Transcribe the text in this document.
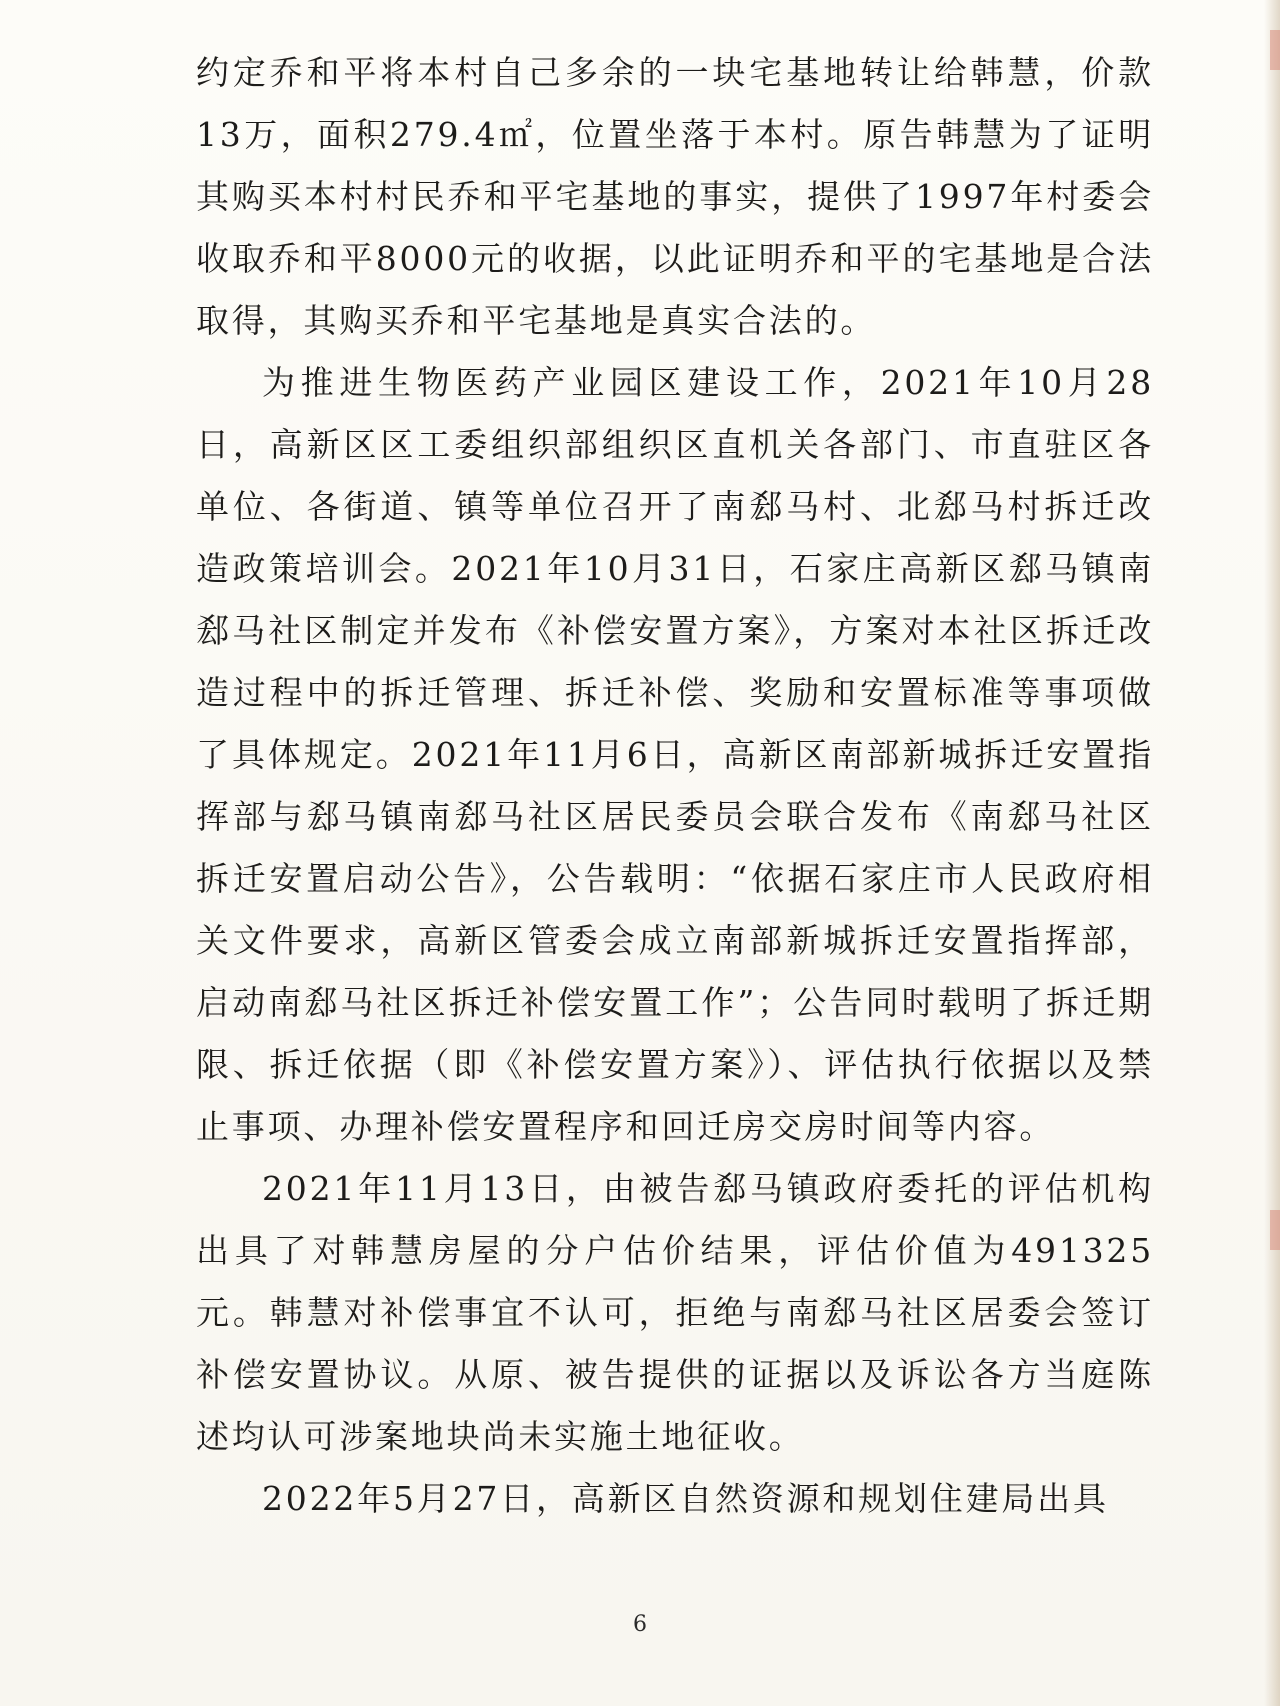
约定乔和平将本村自己多余的一块宅基地转让给韩慧，价款13万，面积279.4㎡，位置坐落于本村。原告韩慧为了证明其购买本村村民乔和平宅基地的事实，提供了1997年村委会收取乔和平8000元的收据，以此证明乔和平的宅基地是合法取得，其购买乔和平宅基地是真实合法的。

为推进生物医药产业园区建设工作，2021年10月28日，高新区区工委组织部组织区直机关各部门、市直驻区各单位、各街道、镇等单位召开了南郄马村、北郄马村拆迁改造政策培训会。2021年10月31日，石家庄高新区郄马镇南郄马社区制定并发布《补偿安置方案》，方案对本社区拆迁改造过程中的拆迁管理、拆迁补偿、奖励和安置标准等事项做了具体规定。2021年11月6日，高新区南部新城拆迁安置指挥部与郄马镇南郄马社区居民委员会联合发布《南郄马社区拆迁安置启动公告》，公告载明：“依据石家庄市人民政府相关文件要求，高新区管委会成立南部新城拆迁安置指挥部，启动南郄马社区拆迁补偿安置工作”；公告同时载明了拆迁期限、拆迁依据（即《补偿安置方案》）、评估执行依据以及禁止事项、办理补偿安置程序和回迁房交房时间等内容。

2021年11月13日，由被告郄马镇政府委托的评估机构出具了对韩慧房屋的分户估价结果，评估价值为491325元。韩慧对补偿事宜不认可，拒绝与南郄马社区居委会签订补偿安置协议。从原、被告提供的证据以及诉讼各方当庭陈述均认可涉案地块尚未实施土地征收。

2022年5月27日，高新区自然资源和规划住建局出具

6
